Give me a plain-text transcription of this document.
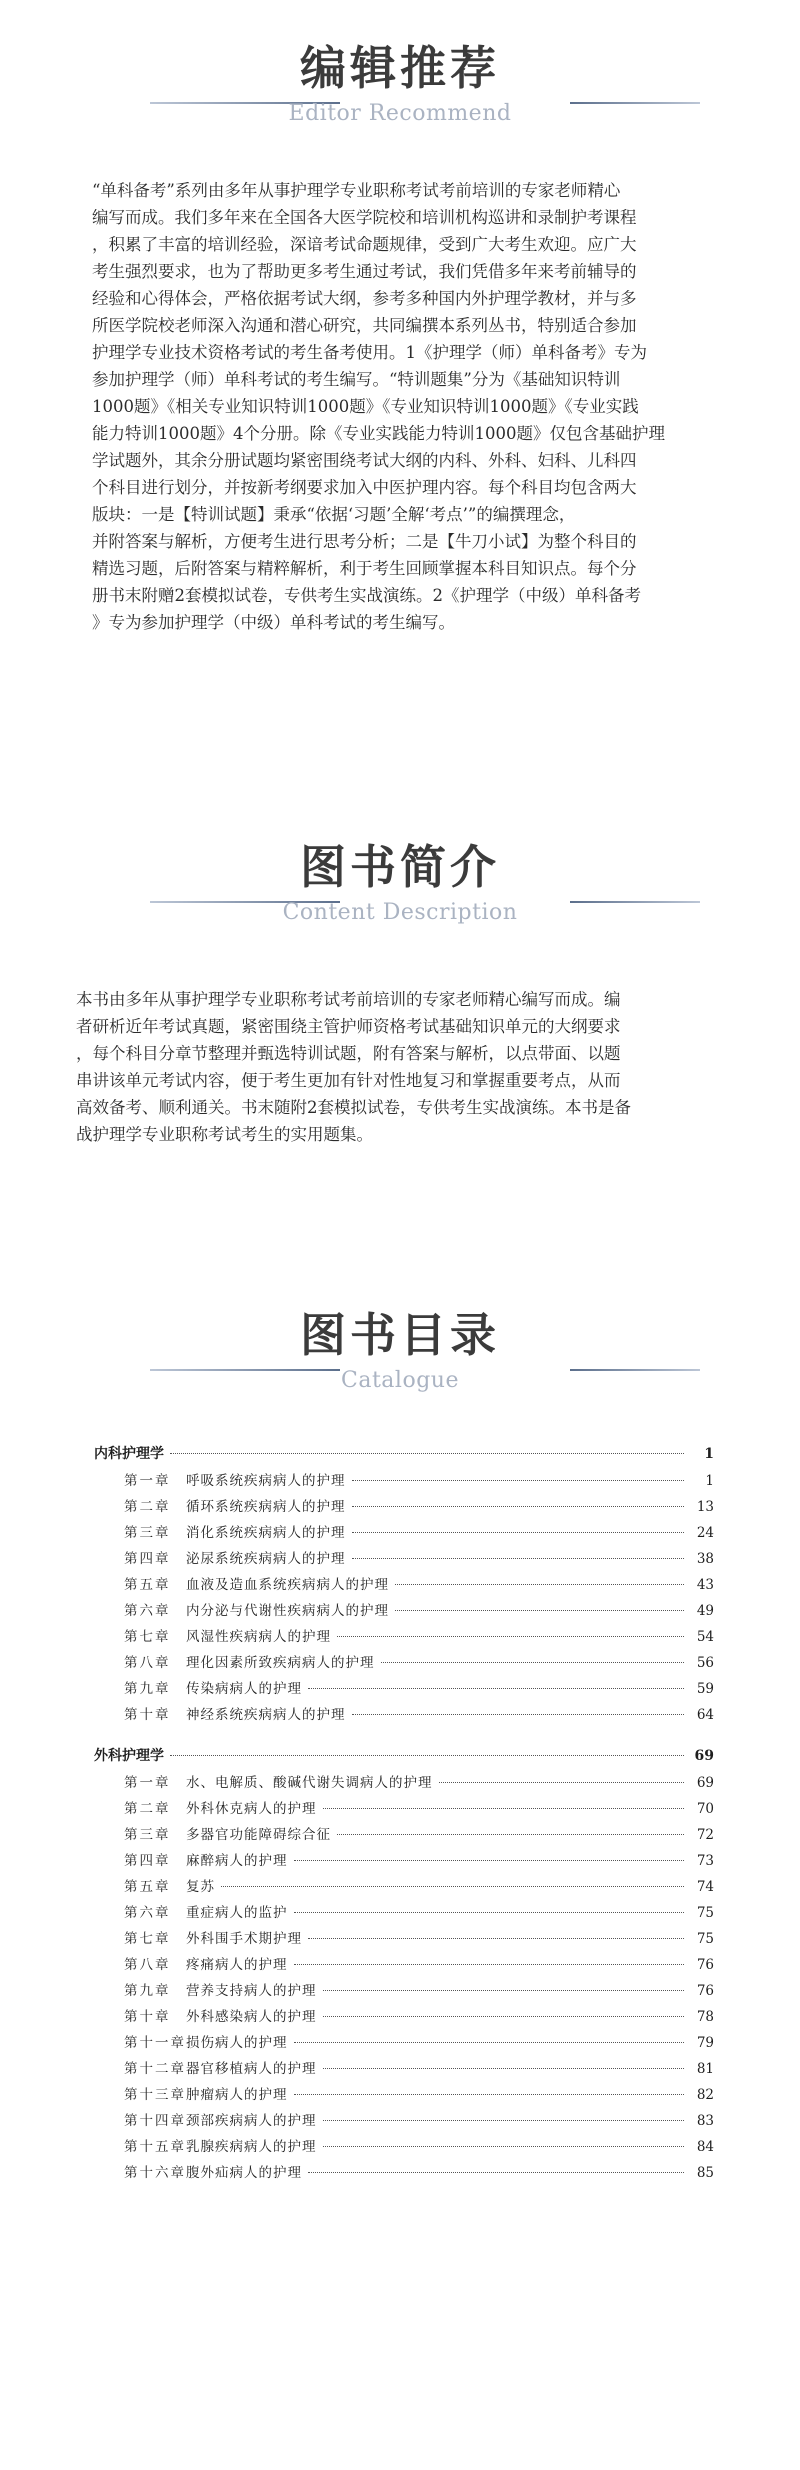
编辑推荐
Editor Recommend
“单科备考”系列由多年从事护理学专业职称考试考前培训的专家老师精心
编写而成。我们多年来在全国各大医学院校和培训机构巡讲和录制护考课程
，积累了丰富的培训经验，深谙考试命题规律，受到广大考生欢迎。应广大
考生强烈要求，也为了帮助更多考生通过考试，我们凭借多年来考前辅导的
经验和心得体会，严格依据考试大纲，参考多种国内外护理学教材，并与多
所医学院校老师深入沟通和潜心研究，共同编撰本系列丛书，特别适合参加
护理学专业技术资格考试的考生备考使用。1《护理学（师）单科备考》专为
参加护理学（师）单科考试的考生编写。“特训题集”分为《基础知识特训
1000题》《相关专业知识特训1000题》《专业知识特训1000题》《专业实践
能力特训1000题》4个分册。除《专业实践能力特训1000题》仅包含基础护理
学试题外，其余分册试题均紧密围绕考试大纲的内科、外科、妇科、儿科四
个科目进行划分，并按新考纲要求加入中医护理内容。每个科目均包含两大
版块：一是【特训试题】秉承“依据‘习题’全解‘考点’”的编撰理念，
并附答案与解析，方便考生进行思考分析；二是【牛刀小试】为整个科目的
精选习题，后附答案与精粹解析，利于考生回顾掌握本科目知识点。每个分
册书末附赠2套模拟试卷，专供考生实战演练。2《护理学（中级）单科备考
》专为参加护理学（中级）单科考试的考生编写。
图书简介
Content Description
本书由多年从事护理学专业职称考试考前培训的专家老师精心编写而成。编
者研析近年考试真题，紧密围绕主管护师资格考试基础知识单元的大纲要求
，每个科目分章节整理并甄选特训试题，附有答案与解析，以点带面、以题
串讲该单元考试内容，便于考生更加有针对性地复习和掌握重要考点，从而
高效备考、顺利通关。书末随附2套模拟试卷，专供考生实战演练。本书是备
战护理学专业职称考试考生的实用题集。
图书目录
Catalogue
内科护理学	1
第一章	呼吸系统疾病病人的护理	1
第二章	循环系统疾病病人的护理	13
第三章	消化系统疾病病人的护理	24
第四章	泌尿系统疾病病人的护理	38
第五章	血液及造血系统疾病病人的护理	43
第六章	内分泌与代谢性疾病病人的护理	49
第七章	风湿性疾病病人的护理	54
第八章	理化因素所致疾病病人的护理	56
第九章	传染病病人的护理	59
第十章	神经系统疾病病人的护理	64
外科护理学	69
第一章	水、电解质、酸碱代谢失调病人的护理	69
第二章	外科休克病人的护理	70
第三章	多器官功能障碍综合征	72
第四章	麻醉病人的护理	73
第五章	复苏	74
第六章	重症病人的监护	75
第七章	外科围手术期护理	75
第八章	疼痛病人的护理	76
第九章	营养支持病人的护理	76
第十章	外科感染病人的护理	78
第十一章 损伤病人的护理	79
第十二章 器官移植病人的护理	81
第十三章 肿瘤病人的护理	82
第十四章 颈部疾病病人的护理	83
第十五章 乳腺疾病病人的护理	84
第十六章 腹外疝病人的护理	85
